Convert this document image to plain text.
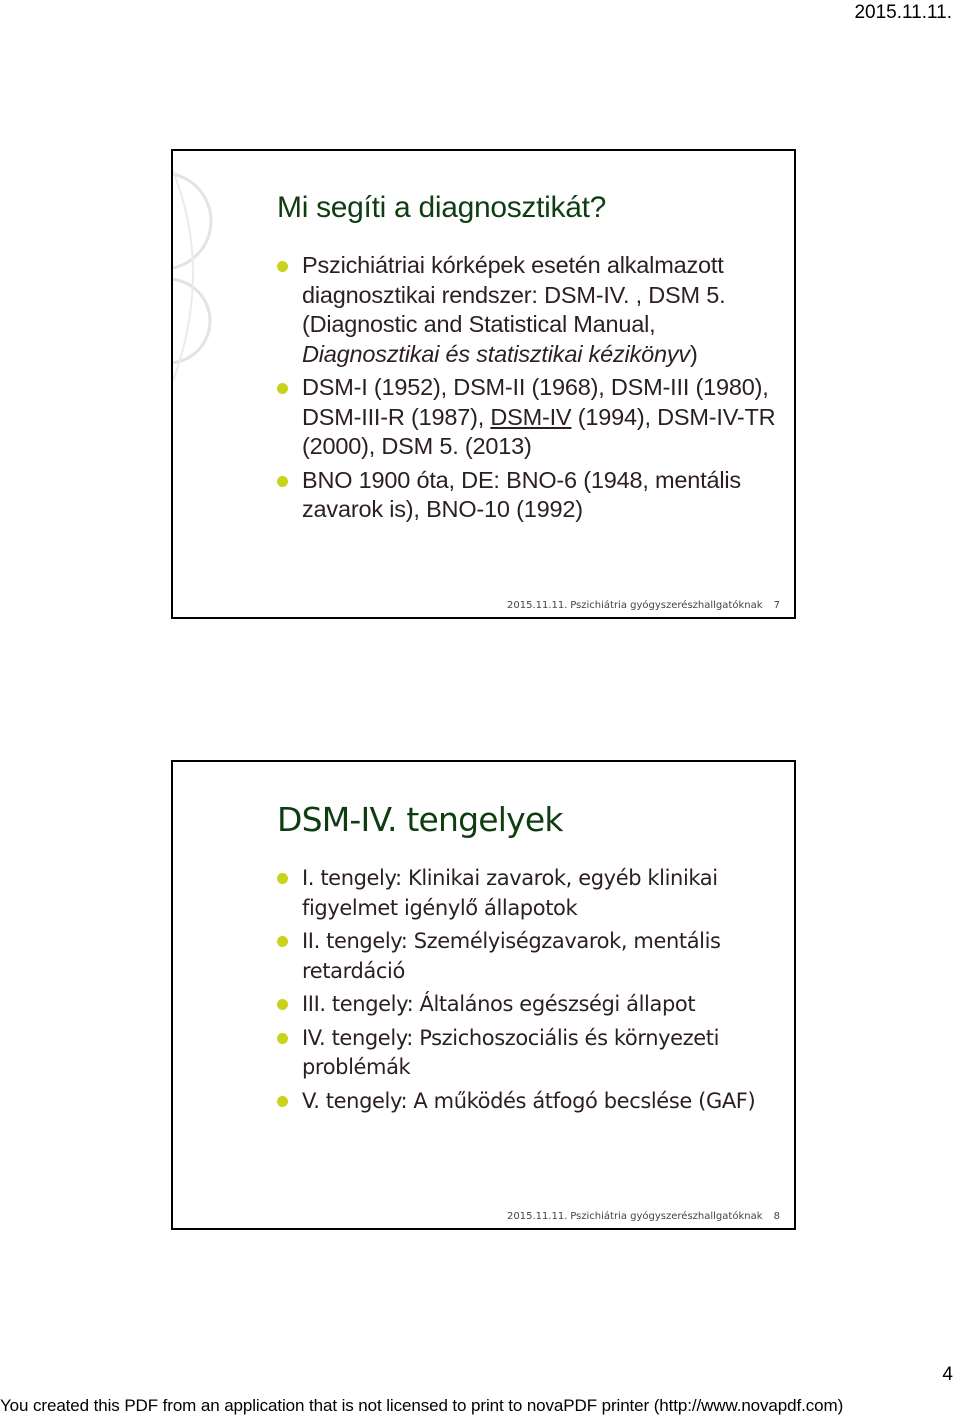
2015.11.11.
Mi segíti a diagnosztikát?
Pszichiátriai kórképek esetén alkalmazott diagnosztikai rendszer: DSM-IV. , DSM 5. (Diagnostic and Statistical Manual, Diagnosztikai és statisztikai kézikönyv)
DSM-I (1952), DSM-II (1968), DSM-III (1980), DSM-III-R (1987), DSM-IV (1994), DSM-IV-TR (2000), DSM 5. (2013)
BNO 1900 óta, DE: BNO-6 (1948, mentális zavarok is), BNO-10 (1992)
2015.11.11. Pszichiátria gyógyszerészhallgatóknak 7
DSM-IV. tengelyek
I. tengely: Klinikai zavarok, egyéb klinikai figyelmet igénylő állapotok
II. tengely: Személyiségzavarok, mentális retardáció
III. tengely: Általános egészségi állapot
IV. tengely: Pszichoszociális és környezeti problémák
V. tengely: A működés átfogó becslése (GAF)
2015.11.11. Pszichiátria gyógyszerészhallgatóknak 8
4
You created this PDF from an application that is not licensed to print to novaPDF printer (http://www.novapdf.com)
